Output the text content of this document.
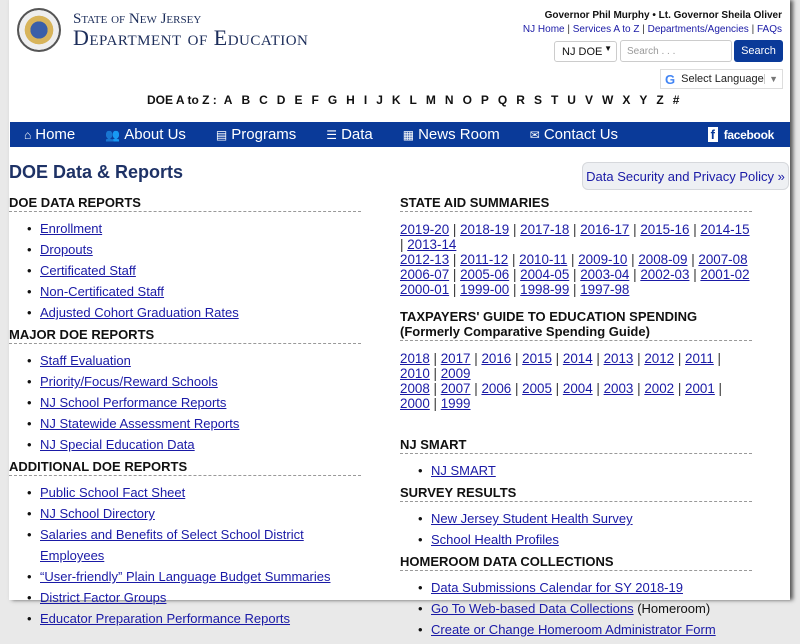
State of New Jersey
Department of Education
Governor Phil Murphy • Lt. Governor Sheila Oliver
NJ Home | Services A to Z | Departments/Agencies | FAQs
NJ DOE ▼	Search . . .	Search
G Select Language ▼
DOE A to Z : A B C D E F G H I J K L M N O P Q R S T U V W X Y Z #
⌂ Home	👥 About Us	▤ Programs	☰ Data	▦ News Room	✉ Contact Us	f facebook
DOE Data & Reports	Data Security and Privacy Policy »
DOE DATA REPORTS
• Enrollment
• Dropouts
• Certificated Staff
• Non-Certificated Staff
• Adjusted Cohort Graduation Rates
MAJOR DOE REPORTS
• Staff Evaluation
• Priority/Focus/Reward Schools
• NJ School Performance Reports
• NJ Statewide Assessment Reports
• NJ Special Education Data
ADDITIONAL DOE REPORTS
• Public School Fact Sheet
• NJ School Directory
• Salaries and Benefits of Select School District Employees
• “User-friendly” Plain Language Budget Summaries
• District Factor Groups
• Educator Preparation Performance Reports
STATE AID SUMMARIES
2019-20 | 2018-19 | 2017-18 | 2016-17 | 2015-16 | 2014-15 | 2013-14
2012-13 | 2011-12 | 2010-11 | 2009-10 | 2008-09 | 2007-08
2006-07 | 2005-06 | 2004-05 | 2003-04 | 2002-03 | 2001-02
2000-01 | 1999-00 | 1998-99 | 1997-98
TAXPAYERS' GUIDE TO EDUCATION SPENDING
(Formerly Comparative Spending Guide)
2018 | 2017 | 2016 | 2015 | 2014 | 2013 | 2012 | 2011 | 2010 | 2009
2008 | 2007 | 2006 | 2005 | 2004 | 2003 | 2002 | 2001 | 2000 | 1999
NJ SMART
• NJ SMART
SURVEY RESULTS
• New Jersey Student Health Survey
• School Health Profiles
HOMEROOM DATA COLLECTIONS
• Data Submissions Calendar for SY 2018-19
• Go To Web-based Data Collections (Homeroom)
• Create or Change Homeroom Administrator Form
